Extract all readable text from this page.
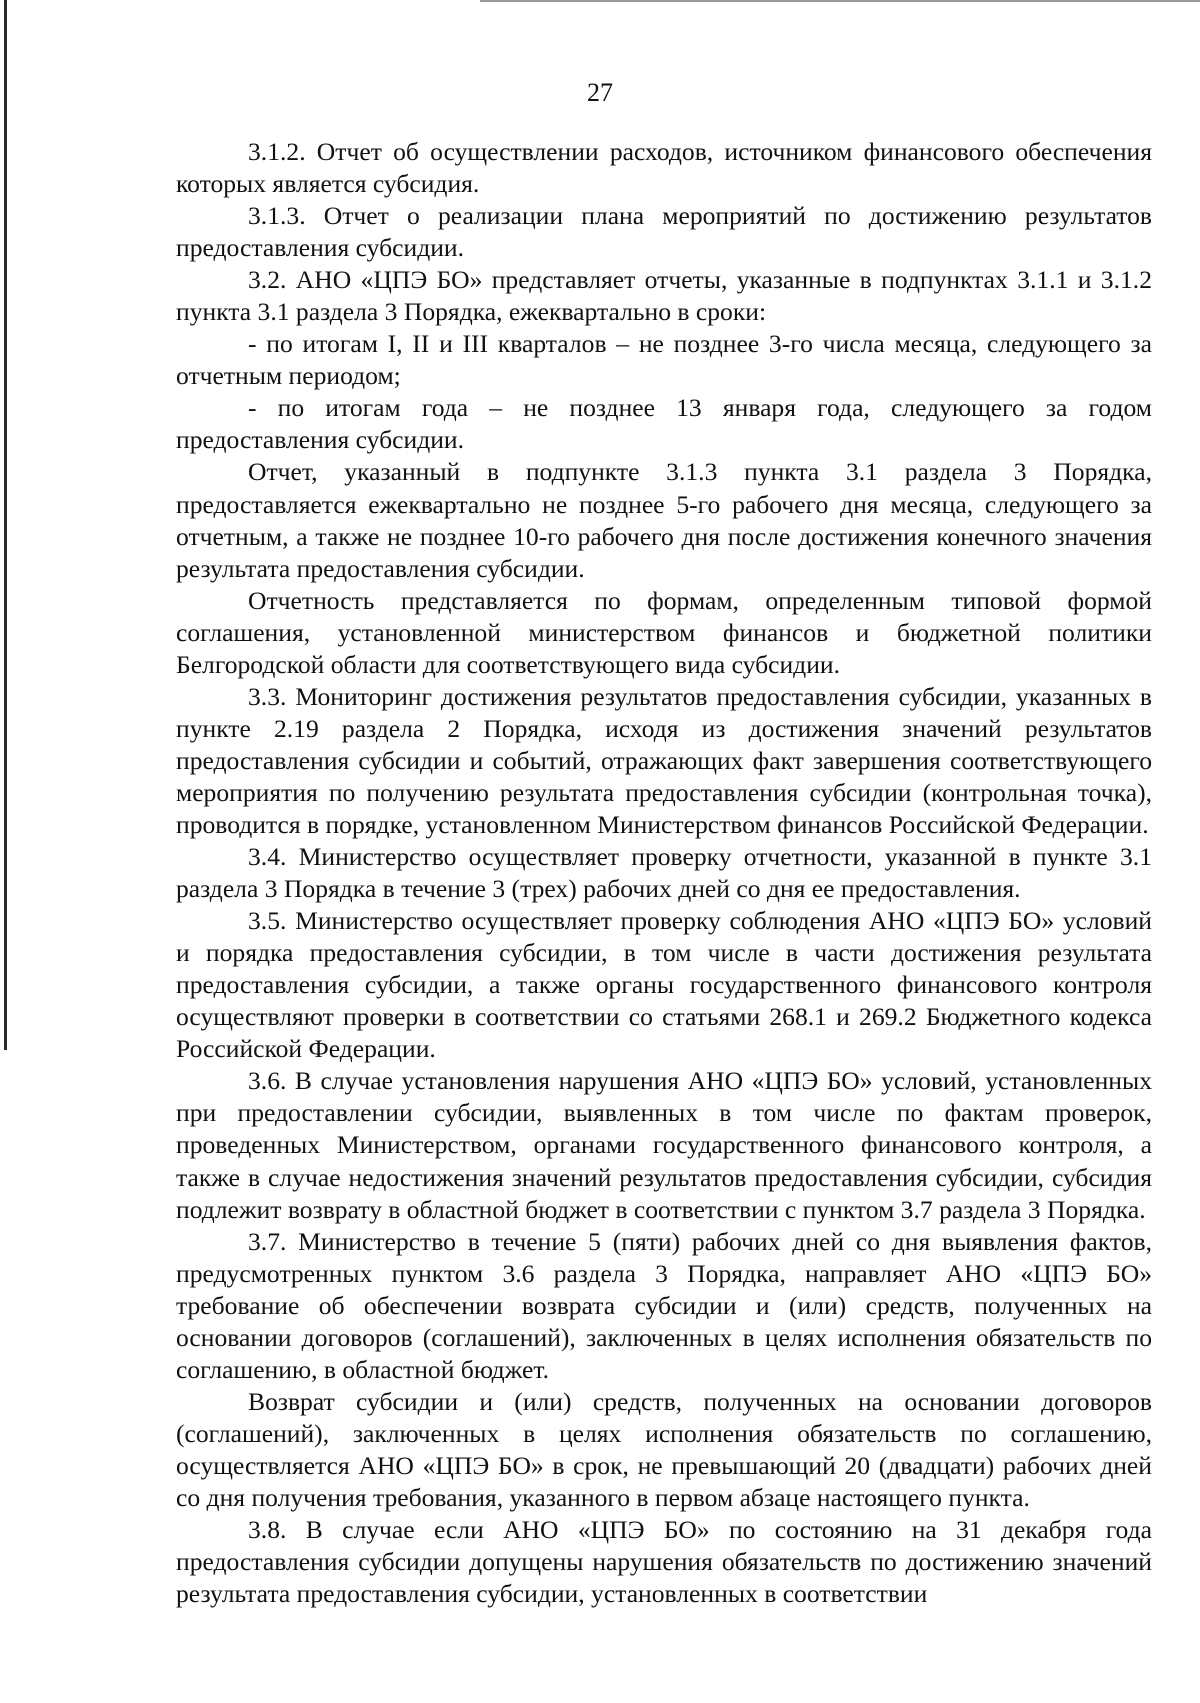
27

3.1.2. Отчет об осуществлении расходов, источником финансового обеспечения которых является субсидия.

3.1.3. Отчет о реализации плана мероприятий по достижению результатов предоставления субсидии.

3.2. АНО «ЦПЭ БО» представляет отчеты, указанные в подпунктах 3.1.1 и 3.1.2 пункта 3.1 раздела 3 Порядка, ежеквартально в сроки:

- по итогам I, II и III кварталов – не позднее 3-го числа месяца, следующего за отчетным периодом;

- по итогам года – не позднее 13 января года, следующего за годом предоставления субсидии.

Отчет, указанный в подпункте 3.1.3 пункта 3.1 раздела 3 Порядка, предоставляется ежеквартально не позднее 5-го рабочего дня месяца, следующего за отчетным, а также не позднее 10-го рабочего дня после достижения конечного значения результата предоставления субсидии.

Отчетность представляется по формам, определенным типовой формой соглашения, установленной министерством финансов и бюджетной политики Белгородской области для соответствующего вида субсидии.

3.3. Мониторинг достижения результатов предоставления субсидии, указанных в пункте 2.19 раздела 2 Порядка, исходя из достижения значений результатов предоставления субсидии и событий, отражающих факт завершения соответствующего мероприятия по получению результата предоставления субсидии (контрольная точка), проводится в порядке, установленном Министерством финансов Российской Федерации.

3.4. Министерство осуществляет проверку отчетности, указанной в пункте 3.1 раздела 3 Порядка в течение 3 (трех) рабочих дней со дня ее предоставления.

3.5. Министерство осуществляет проверку соблюдения АНО «ЦПЭ БО» условий и порядка предоставления субсидии, в том числе в части достижения результата предоставления субсидии, а также органы государственного финансового контроля осуществляют проверки в соответствии со статьями 268.1 и 269.2 Бюджетного кодекса Российской Федерации.

3.6. В случае установления нарушения АНО «ЦПЭ БО» условий, установленных при предоставлении субсидии, выявленных в том числе по фактам проверок, проведенных Министерством, органами государственного финансового контроля, а также в случае недостижения значений результатов предоставления субсидии, субсидия подлежит возврату в областной бюджет в соответствии с пунктом 3.7 раздела 3 Порядка.

3.7. Министерство в течение 5 (пяти) рабочих дней со дня выявления фактов, предусмотренных пунктом 3.6 раздела 3 Порядка, направляет АНО «ЦПЭ БО» требование об обеспечении возврата субсидии и (или) средств, полученных на основании договоров (соглашений), заключенных в целях исполнения обязательств по соглашению, в областной бюджет.

Возврат субсидии и (или) средств, полученных на основании договоров (соглашений), заключенных в целях исполнения обязательств по соглашению, осуществляется АНО «ЦПЭ БО» в срок, не превышающий 20 (двадцати) рабочих дней со дня получения требования, указанного в первом абзаце настоящего пункта.

3.8. В случае если АНО «ЦПЭ БО» по состоянию на 31 декабря года предоставления субсидии допущены нарушения обязательств по достижению значений результата предоставления субсидии, установленных в соответствии
